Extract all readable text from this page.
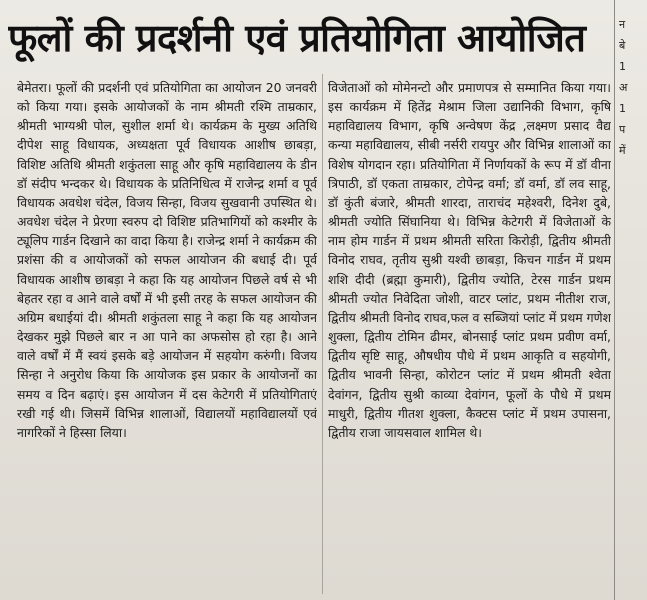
फूलों की प्रदर्शनी एवं प्रतियोगिता आयोजित

बेमेतरा। फूलों की प्रदर्शनी एवं प्रतियोगिता का आयोजन 20 जनवरी को किया गया। इसके आयोजकों के नाम श्रीमती रश्मि ताम्रकार, श्रीमती भाग्यश्री पोल, सुशील शर्मा थे। कार्यक्रम के मुख्य अतिथि दीपेश साहू विधायक, अध्यक्षता पूर्व विधायक आशीष छाबड़ा, विशिष्ट अतिथि श्रीमती शकुंतला साहू और कृषि महाविद्यालय के डीन डॉ संदीप भन्दकर थे। विधायक के प्रतिनिधित्व में राजेन्द्र शर्मा व पूर्व विधायक अवधेश चंदेल, विजय सिन्हा, विजय सुखवानी उपस्थित थे। अवधेश चंदेल ने प्रेरणा स्वरुप दो विशिष्ट प्रतिभागियों को कश्मीर के ट्यूलिप गार्डन दिखाने का वादा किया है। राजेन्द्र शर्मा ने कार्यक्रम की प्रशंसा की व आयोजकों को सफल आयोजन की बधाई दी। पूर्व विधायक आशीष छाबड़ा ने कहा कि यह आयोजन पिछले वर्ष से भी बेहतर रहा व आने वाले वर्षों में भी इसी तरह के सफल आयोजन की अग्रिम बधाईयां दी। श्रीमती शकुंतला साहू ने कहा कि यह आयोजन देखकर मुझे पिछले बार न आ पाने का अफसोस हो रहा है। आने वाले वर्षों में मैं स्वयं इसके बड़े आयोजन में सहयोग करुंगी। विजय सिन्हा ने अनुरोध किया कि आयोजक इस प्रकार के आयोजनों का समय व दिन बढ़ाएं। इस आयोजन में दस केटेगरी में प्रतियोगिताएं रखी गई थी। जिसमें विभिन्न शालाओं, विद्यालयों महाविद्यालयों एवं नागरिकों ने हिस्सा लिया।

विजेताओं को मोमेनन्टो और प्रमाणपत्र से सम्मानित किया गया। इस कार्यक्रम में हितेंद्र मेश्राम जिला उद्यानिकी विभाग, कृषि महाविद्यालय विभाग, कृषि अन्वेषण केंद्र ,लक्ष्मण प्रसाद वैद्य कन्या महाविद्यालय, सीबी नर्सरी रायपुर और विभिन्न शालाओं का विशेष योगदान रहा। प्रतियोगिता में निर्णायकों के रूप में डॉ वीना त्रिपाठी, डॉ एकता ताम्रकार, टोपेन्द्र वर्मा; डॉ वर्मा, डॉ लव साहू, डॉ कुंती बंजारे, श्रीमती शारदा, ताराचंद महेश्वरी, दिनेश दुबे, श्रीमती ज्योति सिंघानिया थे। विभिन्न केटेगरी में विजेताओं के नाम होम गार्डन में प्रथम श्रीमती सरिता किरोड़ी, द्वितीय श्रीमती विनोद राघव, तृतीय सुश्री यश्वी छाबड़ा, किचन गार्डन में प्रथम शशि दीदी (ब्रह्मा कुमारी), द्वितीय ज्योति, टेरस गार्डन प्रथम श्रीमती ज्योत निवेदिता जोशी, वाटर प्लांट, प्रथम नीतीश राज, द्वितीय श्रीमती विनोद राघव,फल व सब्जियां प्लांट में प्रथम गणेश शुक्ला, द्वितीय टोमिन ढीमर, बोनसाई प्लांट प्रथम प्रवीण वर्मा, द्वितीय सृष्टि साहू, औषधीय पौधे में प्रथम आकृति व सहयोगी, द्वितीय भावनी सिन्हा, कोरोटन प्लांट में प्रथम श्रीमती श्वेता देवांगन, द्वितीय सुश्री काव्या देवांगन, फूलों के पौधे में प्रथम माधुरी, द्वितीय गीतश शुक्ला, कैक्टस प्लांट में प्रथम उपासना, द्वितीय राजा जायसवाल शामिल थे।

न
बे
1
अ
1
प
में
